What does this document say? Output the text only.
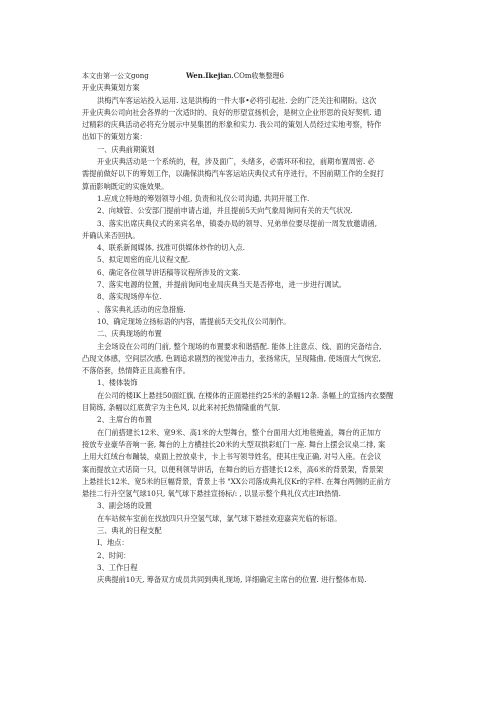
本文由第一公文gong	Wen.Ikejia n.COm收集整理6
开业庆典策划方案
洪梅汽车客运站投入运用. 这是洪梅的一件大事•必将引起社. 会的广泛关注和期盼。这次
开业庆典公司向社会各界的一次适时的、良好的形望宣扬机会，是树立企业形思的良好契机. 通
过精彩的庆典活动必将充分展示中昊集团的形象和实力. 我公司的策划人员经过实地考察，特作
出如下的策划方案：
一、庆典前期策划
开业庆典活动是一个系统的，程，涉及面广，头绪多，必需环环和拉，前期布置周密. 必
需提前做好以下的筹划工作，以确保洪梅汽车客运站庆典仪式有序进行，不因前期工作的全捉打
算而影响既定的实施效果。
1.应成立特地的筹划领导小组, 负责和礼仪公司沟通, 共同开展工作.
2、向城管、公安部门提前申请占道，并且提前5天向气象局询问有关的天气状况.
3、落实出席庆典仪式的来宾名单，镇委办局的领导、兄弟单位要尽提前一周发放邀请函,
并确认来否回执。
4、联系新闻媒体, 找准可供媒体炒作的切入点.
5、拟定周密的庇儿议程文配.
6、确定各位领导讲话稿等议程所涉及的文案.
7、落实电源的位置，并提前询问电业局庆典当天是否停电，进一步进行调试。
8、落实现场停车位.
、落实典礼活动的应急措施.
10、确定现场立扬标语的内容，需提前5天交礼仪公司制作。
二、庆典现场的布置
主会场设在公司的门前, 整个现场的布置要求和谐搭配. 能体上注意点、线、面的完备结合,
凸现文体感，空间层次感, 色调追求剧烈的视觉冲击力，张扬常庆，呈现隆曲, 使场面大气恢宏,
不落俗套，热情降正且高雅有序。
1、楼体装饰
在公司的楼IK上悬挂50面红旗, 在楼体的正面悬挂约25米的条幅12条. 条幅上的宣扬内衣要醒
目简练, 条幅以红底黄字为主色风, 以此来衬托热情隆重的气氛.
2、主席台的布置
在门前搭建长12米、宽9米、高1米的大型舞台，整个台面用大红地毯掩盖，舞台的正加方
接放专业豪华音响一套, 舞台的上方横挂长20米的大型双拱彩虹门一座. 舞台上摆会议桌二排, 案
上用大红绒台布蹦装，桌面上控放桌卡，卡上书写领导姓名，使其庄曳正确, 对号入座。在会议
案而提放立式话筒一只，以便利领导讲话，在舞台的后方搭建长12米，高6米的背景架，背景架
上悬挂长12米、宽5米的巨幅背景，背景上书 "XX公司落成典礼仪Kr的字样. 在舞台两侧的正前方
悬挂二行升空氢气球10只, 氧气球下悬挂宣扬标/: , 以显示整个典礼仪式庄Ift热情.
3、副会场的设置
在车站候车室前在找放四只升空氢气球，氯气球下悬挂欢迎嘉宾光临的标语。
三、典礼的日程支配
I、地点：
2、时间：
3、工作日程
庆典提前10天, 筹备双方成员共同到典礼现场, 详细确定主席台的位置. 进行整体布局.
